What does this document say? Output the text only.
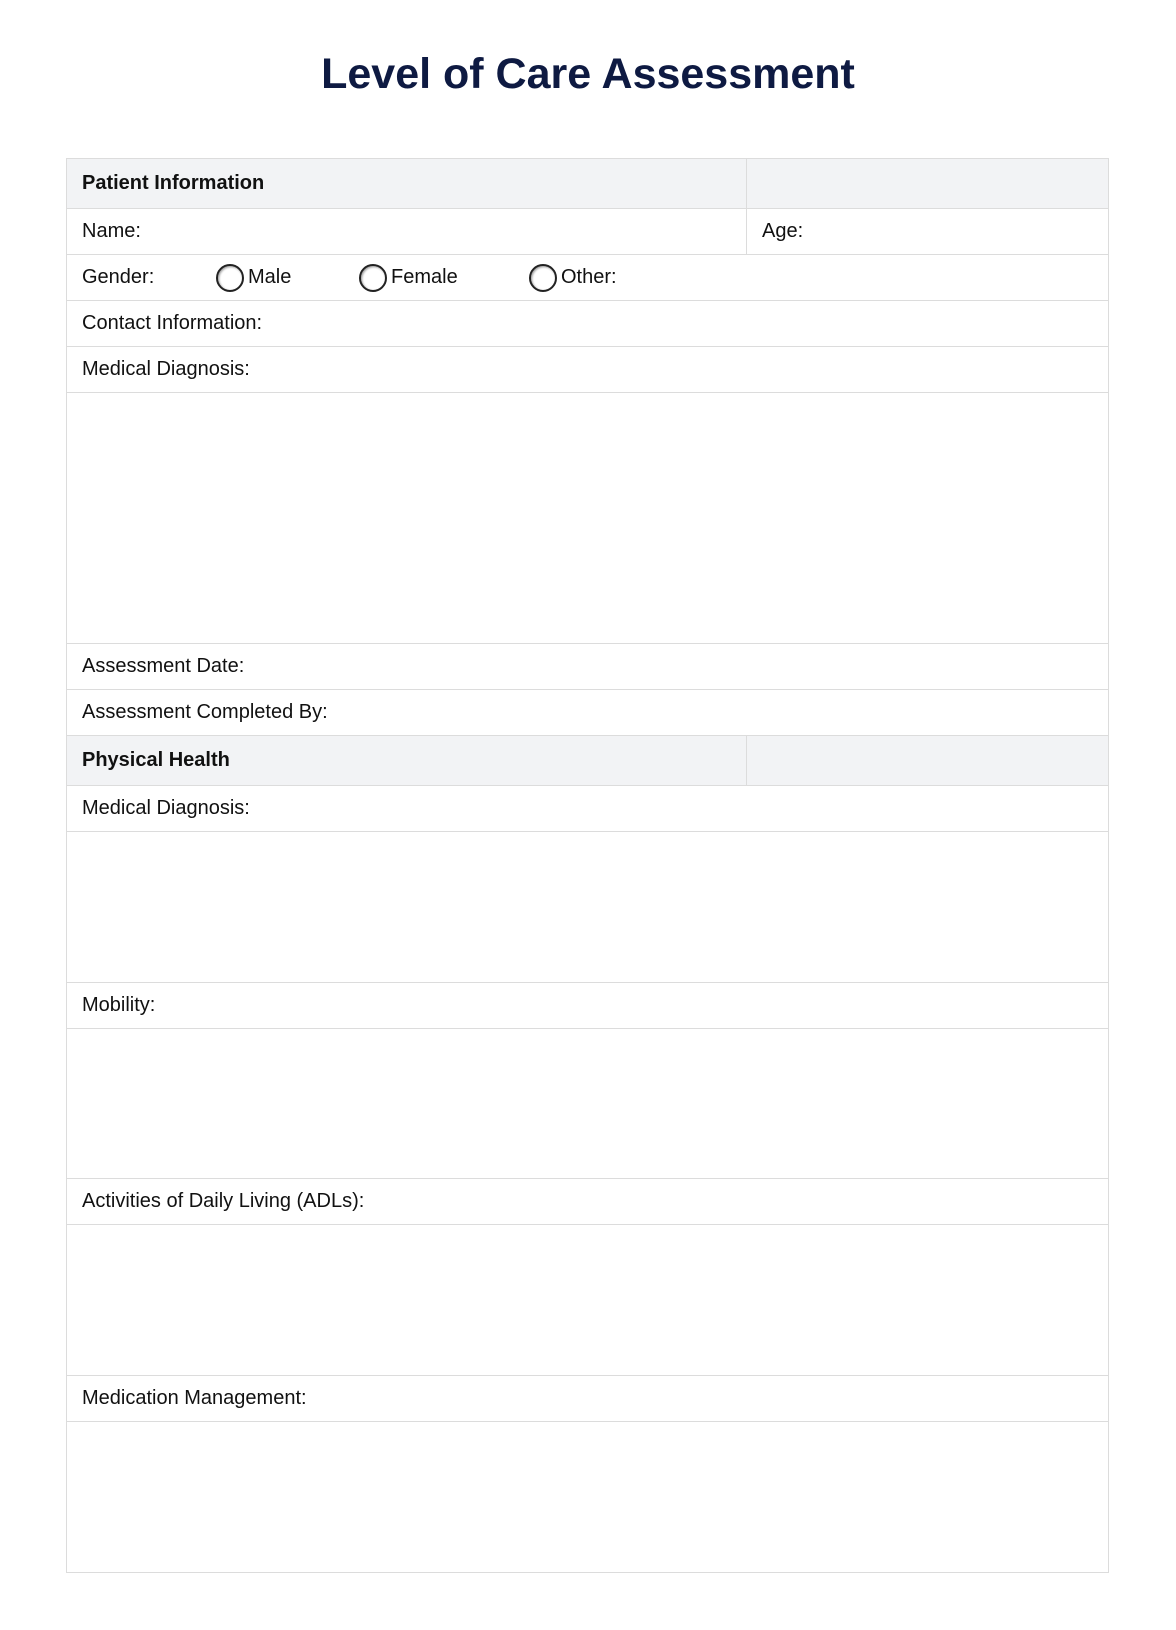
Level of Care Assessment
Patient Information
Name:	Age:
Gender:	Male	Female	Other:
Contact Information:
Medical Diagnosis:
Assessment Date:
Assessment Completed By:
Physical Health
Medical Diagnosis:
Mobility:
Activities of Daily Living (ADLs):
Medication Management:
